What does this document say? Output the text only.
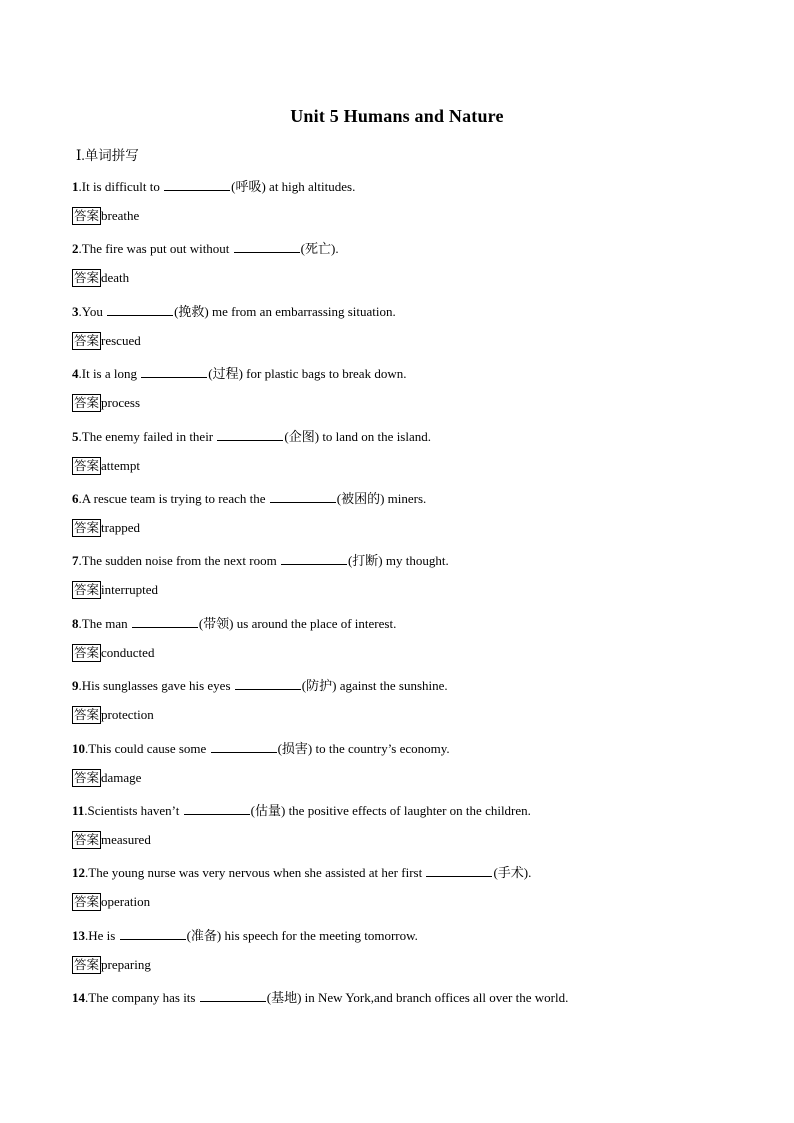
Unit 5 Humans and Nature
Ⅰ.单词拼写
1.It is difficult to	(呼吸) at high altitudes.
答案 breathe
2.The fire was put out without	(死亡).
答案 death
3.You	(挽救) me from an embarrassing situation.
答案 rescued
4.It is a long	(过程) for plastic bags to break down.
答案 process
5.The enemy failed in their	(企图) to land on the island.
答案 attempt
6.A rescue team is trying to reach the	(被困的) miners.
答案 trapped
7.The sudden noise from the next room	(打断) my thought.
答案 interrupted
8.The man	(带领) us around the place of interest.
答案 conducted
9.His sunglasses gave his eyes	(防护) against the sunshine.
答案 protection
10.This could cause some	(损害) to the country’s economy.
答案 damage
11.Scientists haven’t	(估量) the positive effects of laughter on the children.
答案 measured
12.The young nurse was very nervous when she assisted at her first	(手术).
答案 operation
13.He is	(准备) his speech for the meeting tomorrow.
答案 preparing
14.The company has its	(基地) in New York,and branch offices all over the world.
